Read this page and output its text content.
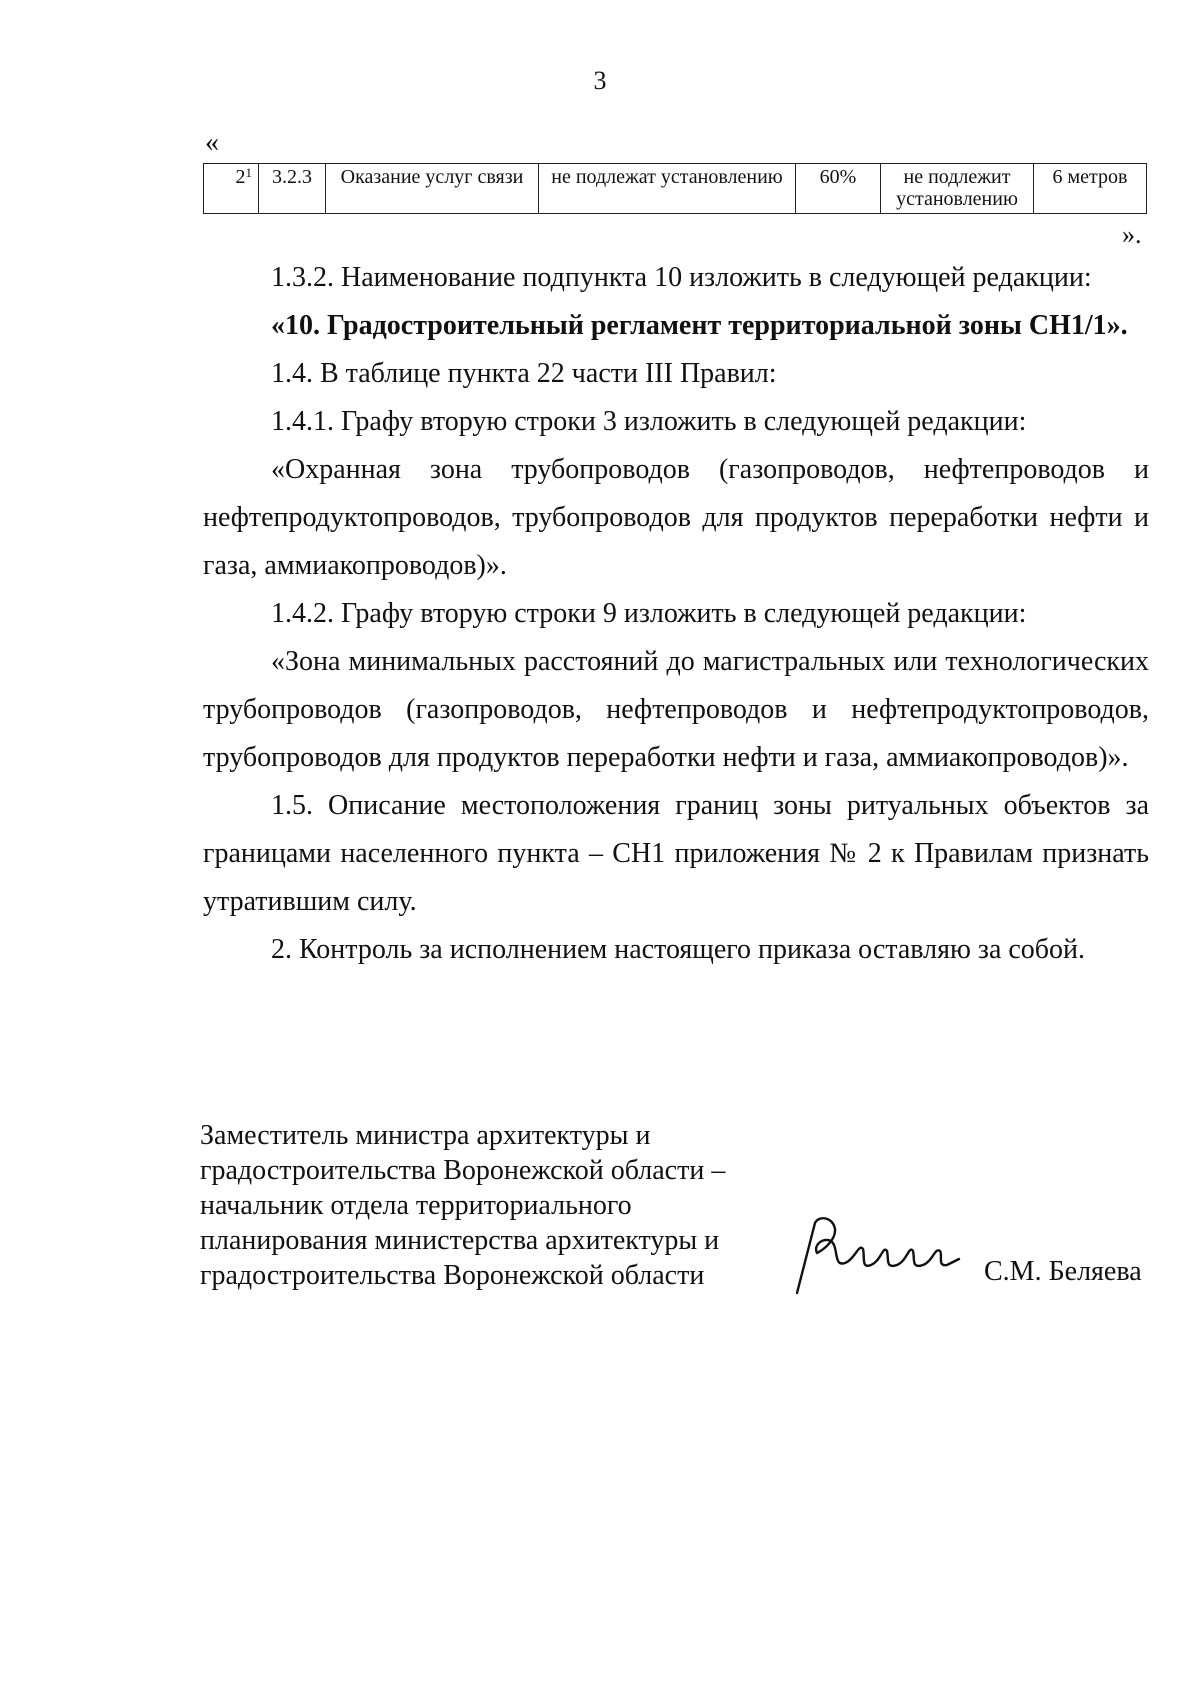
3
«
$2^1$	3.2.3	Оказание услуг связи	не подлежат установлению	60%	не подлежит установлению	6 метров
».

1.3.2. Наименование подпункта 10 изложить в следующей редакции:

«10. Градостроительный регламент территориальной зоны СН1/1».

1.4. В таблице пункта 22 части III Правил:

1.4.1. Графу вторую строки 3 изложить в следующей редакции:

«Охранная зона трубопроводов (газопроводов, нефтепроводов и нефтепродуктопроводов, трубопроводов для продуктов переработки нефти и газа, аммиакопроводов)».

1.4.2. Графу вторую строки 9 изложить в следующей редакции:

«Зона минимальных расстояний до магистральных или технологических трубопроводов (газопроводов, нефтепроводов и нефтепродуктопроводов, трубопроводов для продуктов переработки нефти и газа, аммиакопроводов)».

1.5. Описание местоположения границ зоны ритуальных объектов за границами населенного пункта – СН1 приложения № 2 к Правилам признать утратившим силу.

2. Контроль за исполнением настоящего приказа оставляю за собой.

Заместитель министра архитектуры и
градостроительства Воронежской области –
начальник отдела территориального
планирования министерства архитектуры и
градостроительства Воронежской области	С.М. Беляева
